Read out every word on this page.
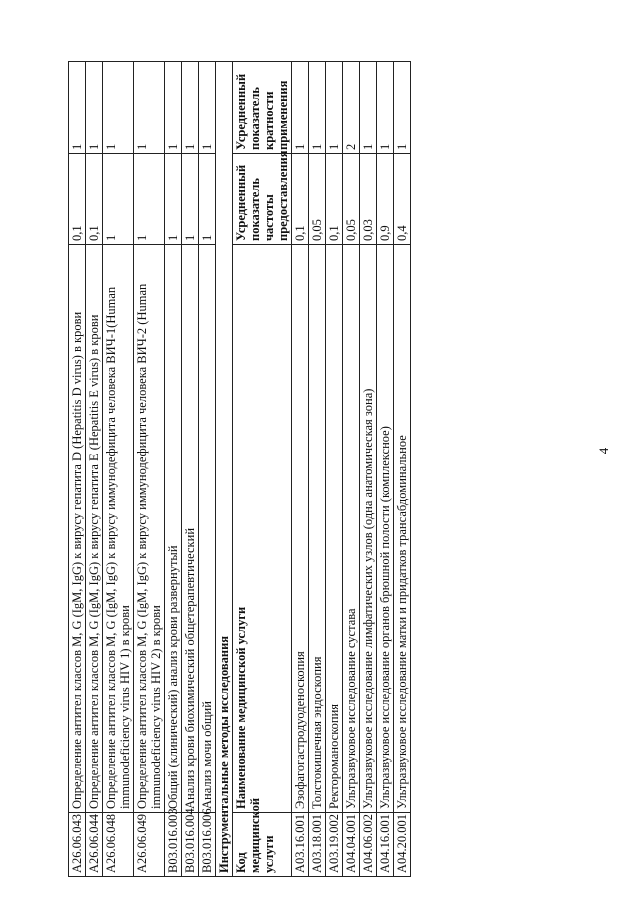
4
A26.06.043	Определение антител классов M, G (IgM, IgG) к вирусу гепатита D (Hepatitis D virus) в крови	0,1	1
A26.06.044	Определение антител классов M, G (IgM, IgG) к вирусу гепатита E (Hepatitis E virus) в крови	0,1	1
A26.06.048	Определение антител классов M, G (IgM, IgG) к вирусу иммунодефицита человека ВИЧ-1(Human immunodeficiency virus HIV 1) в крови	1	1
A26.06.049	Определение антител классов M, G (IgM, IgG) к вирусу иммунодефицита человека ВИЧ-2 (Human immunodeficiency virus HIV 2) в крови	1	1
B03.016.003	Общий (клинический) анализ крови развернутый	1	1
B03.016.004	Анализ крови биохимический общетерапевтический	1	1
B03.016.006	Анализ мочи общий	1	1
Инструментальные методы исследования			
Код медицинской услуги	Наименование медицинской услуги	Усредненный показатель частоты предоставления	Усредненный показатель кратности применения
A03.16.001	Эзофагогастродуоденоскопия	0,1	1
A03.18.001	Толстокишечная эндоскопия	0,05	1
A03.19.002	Ректороманоскопия	0,1	1
A04.04.001	Ультразвуковое исследование сустава	0,05	2
A04.06.002	Ультразвуковое исследование лимфатических узлов (одна анатомическая зона)	0,03	1
A04.16.001	Ультразвуковое исследование органов брюшной полости (комплексное)	0,9	1
A04.20.001	Ультразвуковое исследование матки и придатков трансабдоминальное	0,4	1
